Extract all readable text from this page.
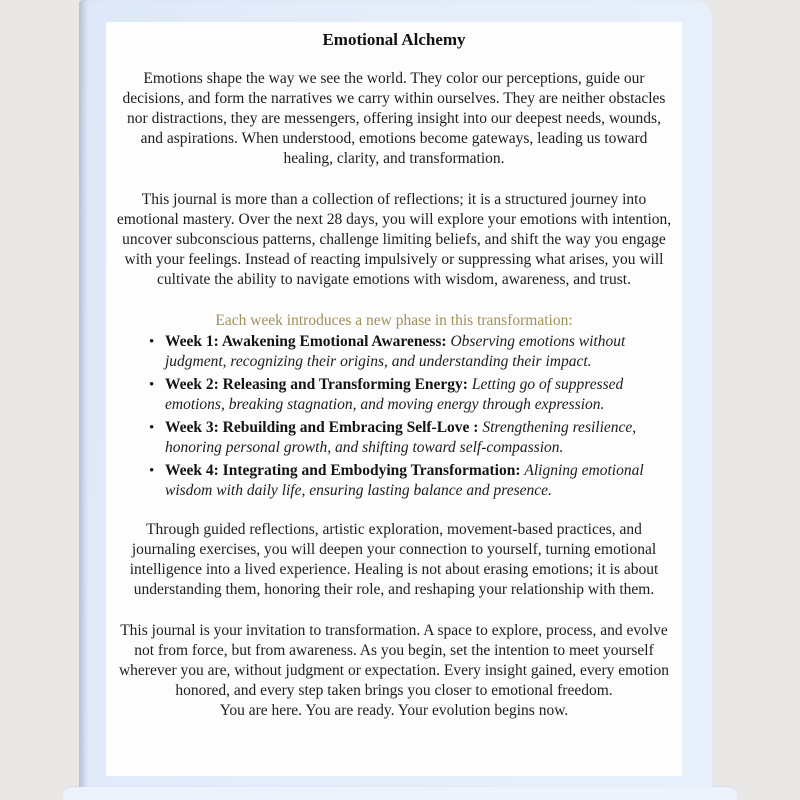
Emotional Alchemy

Emotions shape the way we see the world. They color our perceptions, guide our decisions, and form the narratives we carry within ourselves. They are neither obstacles nor distractions, they are messengers, offering insight into our deepest needs, wounds, and aspirations. When understood, emotions become gateways, leading us toward healing, clarity, and transformation.

This journal is more than a collection of reflections; it is a structured journey into emotional mastery. Over the next 28 days, you will explore your emotions with intention, uncover subconscious patterns, challenge limiting beliefs, and shift the way you engage with your feelings. Instead of reacting impulsively or suppressing what arises, you will cultivate the ability to navigate emotions with wisdom, awareness, and trust.

Each week introduces a new phase in this transformation:

• Week 1: Awakening Emotional Awareness: Observing emotions without judgment, recognizing their origins, and understanding their impact.
• Week 2: Releasing and Transforming Energy: Letting go of suppressed emotions, breaking stagnation, and moving energy through expression.
• Week 3: Rebuilding and Embracing Self-Love : Strengthening resilience, honoring personal growth, and shifting toward self-compassion.
• Week 4: Integrating and Embodying Transformation: Aligning emotional wisdom with daily life, ensuring lasting balance and presence.

Through guided reflections, artistic exploration, movement-based practices, and journaling exercises, you will deepen your connection to yourself, turning emotional intelligence into a lived experience. Healing is not about erasing emotions; it is about understanding them, honoring their role, and reshaping your relationship with them.

This journal is your invitation to transformation. A space to explore, process, and evolve not from force, but from awareness. As you begin, set the intention to meet yourself wherever you are, without judgment or expectation. Every insight gained, every emotion honored, and every step taken brings you closer to emotional freedom.

You are here. You are ready. Your evolution begins now.
